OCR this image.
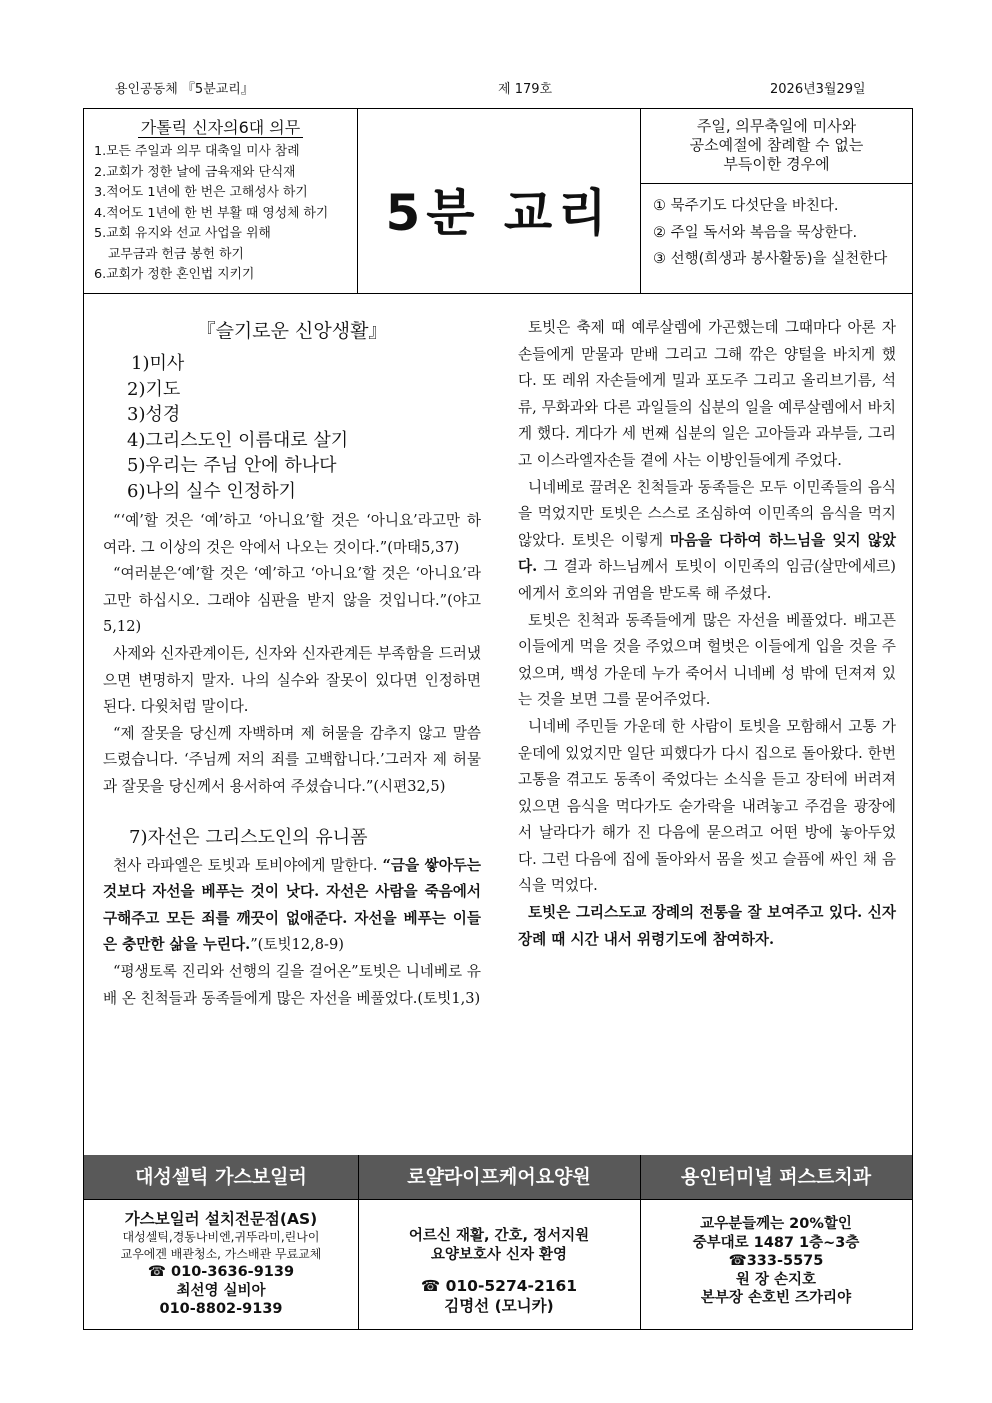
용인공동체 『5분교리』	제 179호	2026년3월29일
가톨릭 신자의6대 의무
1.모든 주일과 의무 대축일 미사 참례
2.교회가 정한 날에 금육재와 단식재
3.적어도 1년에 한 번은 고해성사 하기
4.적어도 1년에 한 번 부활 때 영성체 하기
5.교회 유지와 선교 사업을 위해
교무금과 헌금 봉헌 하기
6.교회가 정한 혼인법 지키기
5분 교리
주일, 의무축일에 미사와
공소예절에 참례할 수 없는
부득이한 경우에
① 묵주기도 다섯단을 바친다.
② 주일 독서와 복음을 묵상한다.
③ 선행(희생과 봉사활동)을 실천한다
『슬기로운 신앙생활』
1)미사
2)기도
3)성경
4)그리스도인 이름대로 살기
5)우리는 주님 안에 하나다
6)나의 실수 인정하기

“‘예’할 것은 ‘예’하고 ‘아니요’할 것은 ‘아니요’라고만 하여라. 그 이상의 것은 악에서 나오는 것이다.”(마태5,37)

“여러분은‘예’할 것은 ‘예’하고 ‘아니요’할 것은 ‘아니요’라고만 하십시오. 그래야 심판을 받지 않을 것입니다.”(야고5,12)

사제와 신자관계이든, 신자와 신자관계든 부족함을 드러냈으면 변명하지 말자. 나의 실수와 잘못이 있다면 인정하면 된다. 다윗처럼 말이다.

“제 잘못을 당신께 자백하며 제 허물을 감추지 않고 말씀드렸습니다. ‘주님께 저의 죄를 고백합니다.’그러자 제 허물과 잘못을 당신께서 용서하여 주셨습니다.”(시편32,5)

7)자선은 그리스도인의 유니폼

천사 라파엘은 토빗과 토비야에게 말한다. “금을 쌓아두는 것보다 자선을 베푸는 것이 낫다. 자선은 사람을 죽음에서 구해주고 모든 죄를 깨끗이 없애준다. 자선을 베푸는 이들은 충만한 삶을 누린다.”(토빗12,8-9)

“평생토록 진리와 선행의 길을 걸어온”토빗은 니네베로 유배 온 친척들과 동족들에게 많은 자선을 베풀었다.(토빗1,3)

토빗은 축제 때 예루살렘에 가곤했는데 그때마다 아론 자손들에게 맏물과 맏배 그리고 그해 깎은 양털을 바치게 했다. 또 레위 자손들에게 밀과 포도주 그리고 올리브기름, 석류, 무화과와 다른 과일들의 십분의 일을 예루살렘에서 바치게 했다. 게다가 세 번째 십분의 일은 고아들과 과부들, 그리고 이스라엘자손들 곁에 사는 이방인들에게 주었다.

니네베로 끌려온 친척들과 동족들은 모두 이민족들의 음식을 먹었지만 토빗은 스스로 조심하여 이민족의 음식을 먹지 않았다. 토빗은 이렇게 마음을 다하여 하느님을 잊지 않았다. 그 결과 하느님께서 토빗이 이민족의 임금(살만에세르)에게서 호의와 귀염을 받도록 해 주셨다.

토빗은 친척과 동족들에게 많은 자선을 베풀었다. 배고픈 이들에게 먹을 것을 주었으며 헐벗은 이들에게 입을 것을 주었으며, 백성 가운데 누가 죽어서 니네베 성 밖에 던져져 있는 것을 보면 그를 묻어주었다.

니네베 주민들 가운데 한 사람이 토빗을 모함해서 고통 가운데에 있었지만 일단 피했다가 다시 집으로 돌아왔다. 한번 고통을 겪고도 동족이 죽었다는 소식을 듣고 장터에 버려져있으면 음식을 먹다가도 숟가락을 내려놓고 주검을 광장에서 날라다가 해가 진 다음에 묻으려고 어떤 방에 놓아두었다. 그런 다음에 집에 돌아와서 몸을 씻고 슬픔에 싸인 채 음식을 먹었다.

토빗은 그리스도교 장례의 전통을 잘 보여주고 있다. 신자 장례 때 시간 내서 위령기도에 참여하자.

대성셀틱 가스보일러	로얄라이프케어요양원	용인터미널 퍼스트치과
가스보일러 설치전문점(AS)
대성셀틱,경동나비엔,귀뚜라미,린나이
교우에겐 배관청소, 가스배관 무료교체
☎ 010-3636-9139
최선영 실비아
010-8802-9139
어르신 재활, 간호, 정서지원
요양보호사 신자 환영
☎ 010-5274-2161
김명선 (모니카)
교우분들께는 20%할인
중부대로 1487 1층~3층
☎333-5575
원 장 손지호
본부장 손호빈 즈가리야
